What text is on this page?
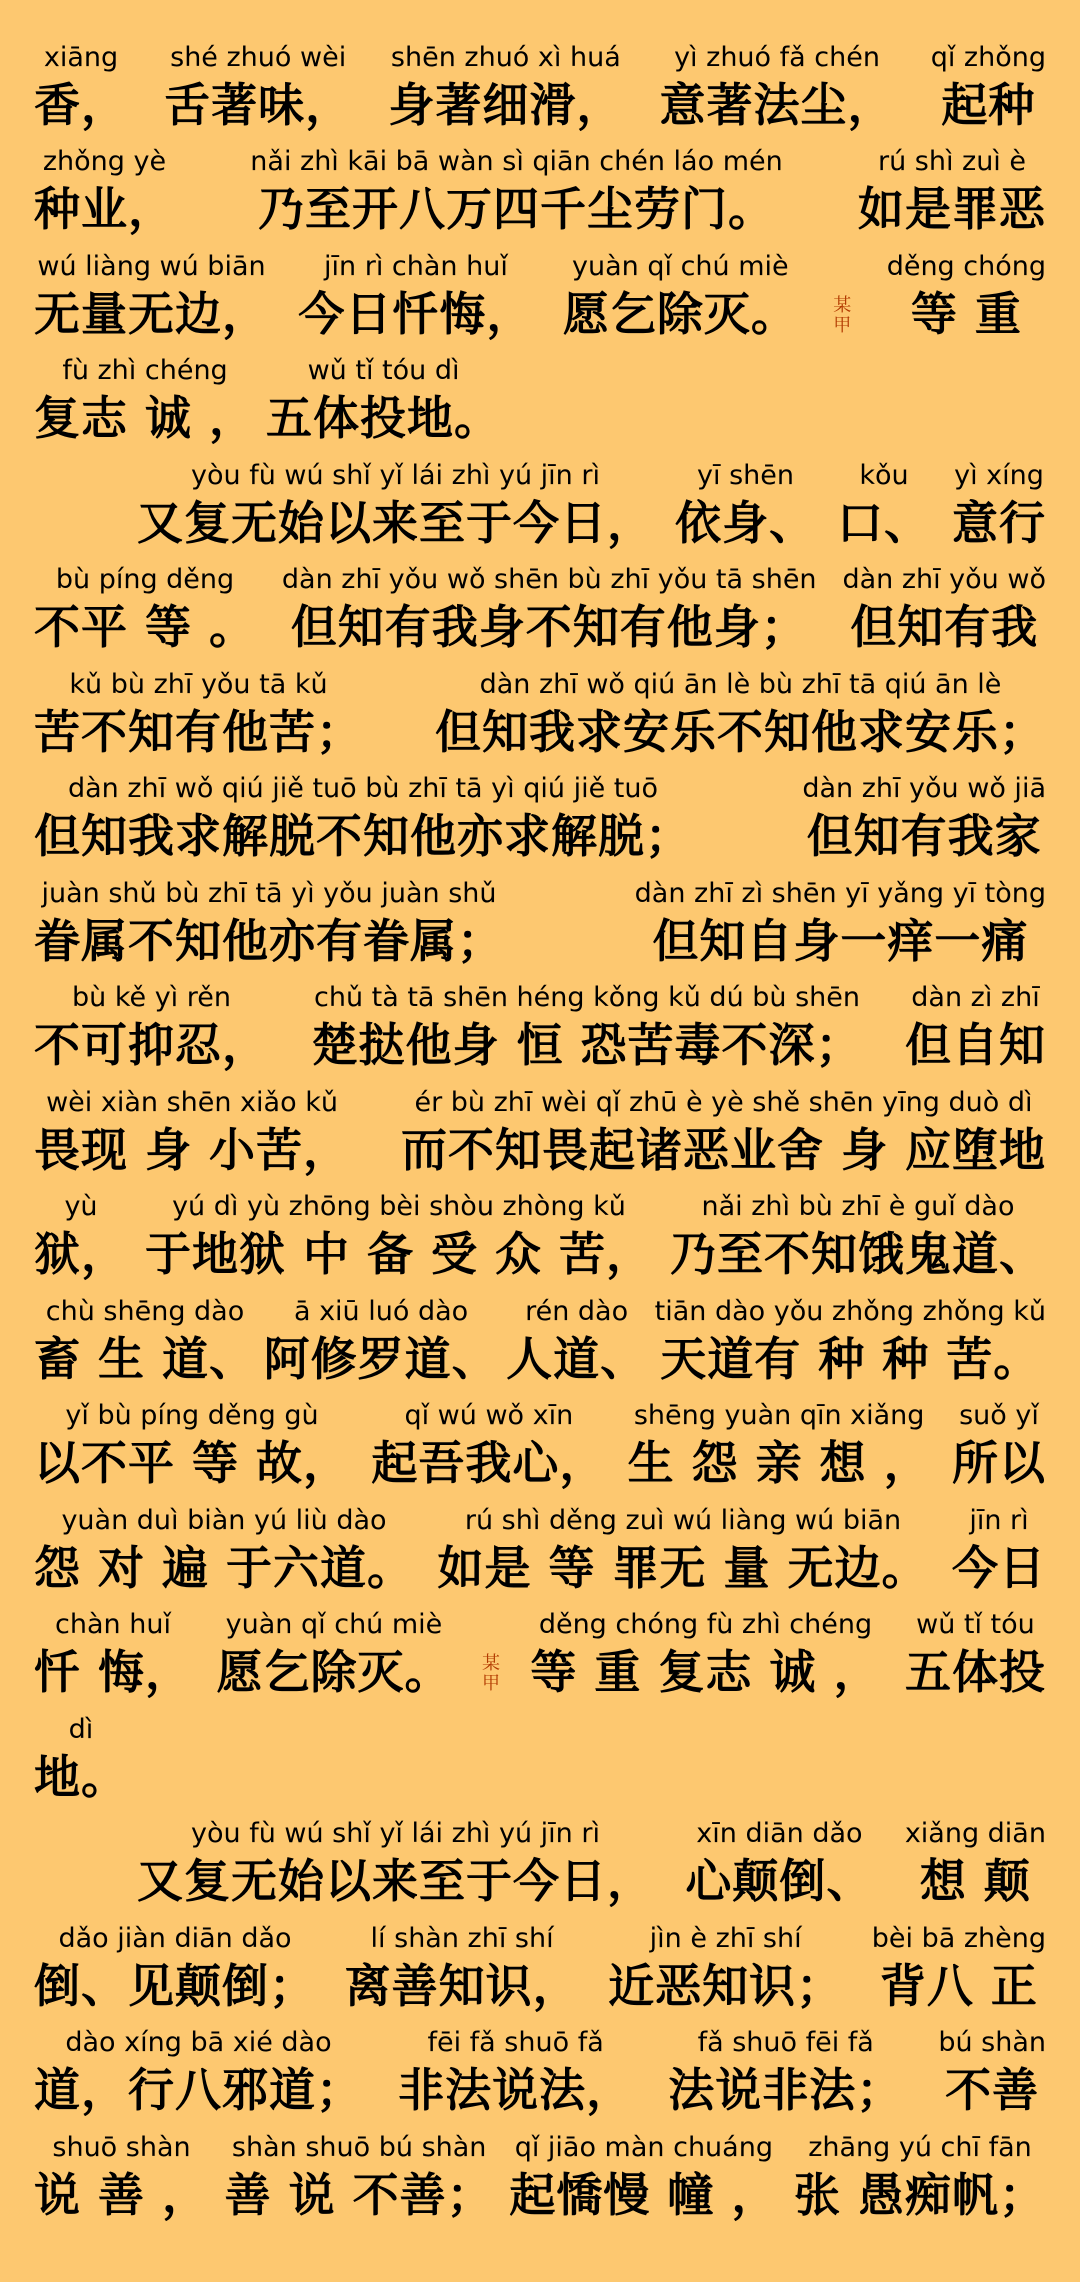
xiāng
香，
shé zhuó wèi
舌著味，
shēn zhuó xì huá
身著细滑，
yì zhuó fǎ chén
意著法尘，
qǐ zhǒng
起种
zhǒng yè
种业，
nǎi zhì kāi bā wàn sì qiān chén láo mén
乃至开八万四千尘劳门。
rú shì zuì è
如是罪恶
wú liàng wú biān
无量无边，
jīn rì chàn huǐ
今日忏悔，
yuàn qǐ chú miè
愿乞除灭。 某
甲
děng chóng
等 重
fù zhì chéng
复志 诚 ，
wǔ tǐ tóu dì
五体投地。
yòu fù wú shǐ yǐ lái zhì yú jīn rì
又复无始以来至于今日，
yī shēn
依身、
kǒu
口、
yì xíng
意行
bù píng děng
不平 等 。
dàn zhī yǒu wǒ shēn bù zhī yǒu tā shēn
但知有我身不知有他身；
dàn zhī yǒu wǒ
但知有我
kǔ bù zhī yǒu tā kǔ
苦不知有他苦；
dàn zhī wǒ qiú ān lè bù zhī tā qiú ān lè
但知我求安乐不知他求安乐；
dàn zhī wǒ qiú jiě tuō bù zhī tā yì qiú jiě tuō
但知我求解脱不知他亦求解脱；
dàn zhī yǒu wǒ jiā
但知有我家
juàn shǔ bù zhī tā yì yǒu juàn shǔ
眷属不知他亦有眷属；
dàn zhī zì shēn yī yǎng yī tòng
但知自身一痒一痛
bù kě yì rěn
不可抑忍，
chǔ tà tā shēn héng kǒng kǔ dú bù shēn
楚挞他身 恒 恐苦毒不深；
dàn zì zhī
但自知
wèi xiàn shēn xiǎo kǔ
畏现 身 小苦，
ér bù zhī wèi qǐ zhū è yè shě shēn yīng duò dì
而不知畏起诸恶业舍 身 应堕地
yù
狱，
yú dì yù zhōng bèi shòu zhòng kǔ
于地狱 中 备 受 众 苦，
nǎi zhì bù zhī è guǐ dào
乃至不知饿鬼道、
chù shēng dào
畜 生 道、
ā xiū luó dào
阿修罗道、
rén dào
人道、
tiān dào yǒu zhǒng zhǒng kǔ
天道有 种 种 苦。
yǐ bù píng děng gù
以不平 等 故，
qǐ wú wǒ xīn
起吾我心，
shēng yuàn qīn xiǎng
生 怨 亲 想 ，
suǒ yǐ
所以
yuàn duì biàn yú liù dào
怨 对 遍 于六道。
rú shì děng zuì wú liàng wú biān
如是 等 罪无 量 无边。
jīn rì
今日
chàn huǐ
忏 悔，
yuàn qǐ chú miè
愿乞除灭。 某
甲
děng chóng fù zhì chéng
等 重 复志 诚 ，
wǔ tǐ tóu
五体投
dì
地。
yòu fù wú shǐ yǐ lái zhì yú jīn rì
又复无始以来至于今日，
xīn diān dǎo
心颠倒、
xiǎng diān
想 颠
dǎo jiàn diān dǎo
倒、见颠倒；
lí shàn zhī shí
离善知识，
jìn è zhī shí
近恶知识；
bèi bā zhèng
背八 正
dào xíng bā xié dào
道，行八邪道；
fēi fǎ shuō fǎ
非法说法，
fǎ shuō fēi fǎ
法说非法；
bú shàn
不善
shuō shàn
说 善 ，
shàn shuō bú shàn
善 说 不善；
qǐ jiāo màn chuáng
起憍慢 幢 ，
zhāng yú chī fān
张 愚痴帆；
